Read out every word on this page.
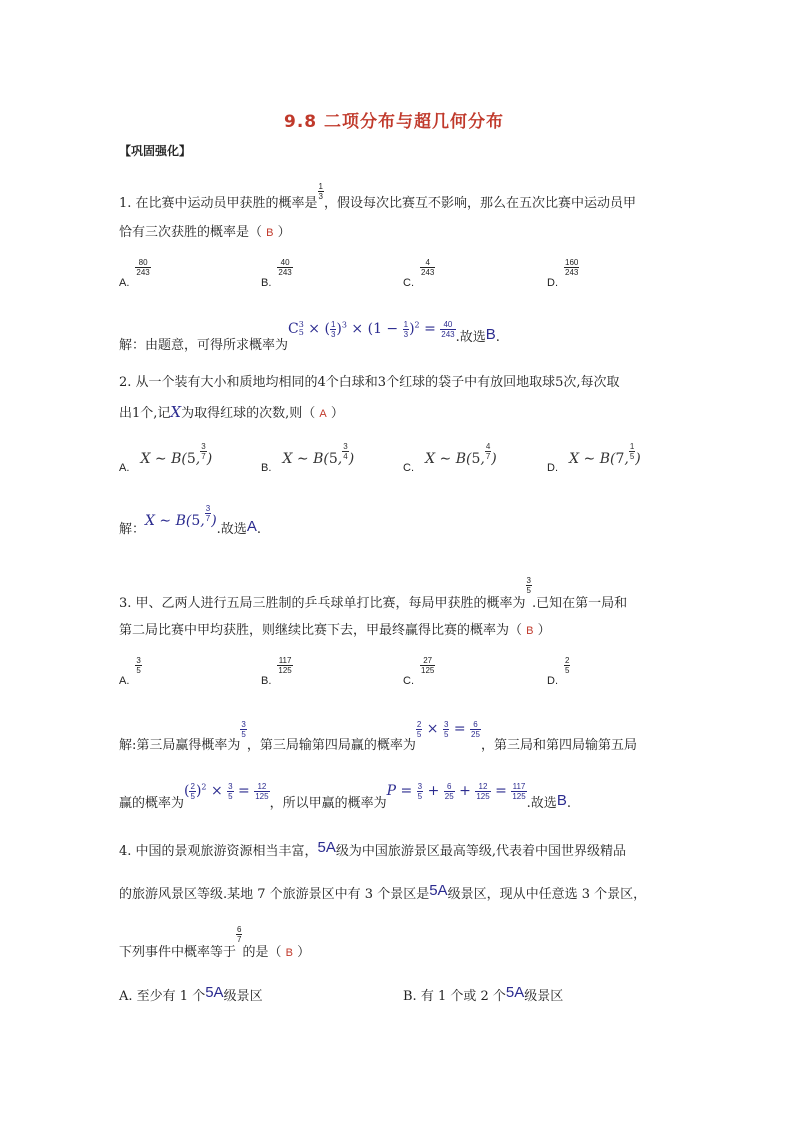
9.8 二项分布与超几何分布
【巩固强化】
1. 在比赛中运动员甲获胜的概率是
$\frac{1}{3}$
，假设每次比赛互不影响，那么在五次比赛中运动员甲
恰有三次获胜的概率是（ B ）
A.
$\frac{80}{243}$
B.
$\frac{40}{243}$
C.
$\frac{4}{243}$
D.
$\frac{160}{243}$
解：由题意，可得所求概率为C 3
5 × ( $\frac{1}{3} )^3 \times (1 - \frac{1}{3} )^2 = \frac{40}{243}$ .故选B.
2. 从一个装有大小和质地均相同的4个白球和3个红球的袋子中有放回地取球5次,每次取
出1个,记X为取得红球的次数,则（ A ）
$_{A.}$ X ∼ B(5, $\frac{3}{7}$ )
$_{B.}$ X ∼ B(5, $\frac{3}{4}$ )
$_{C.}$ X ∼ B(5, $\frac{4}{7}$ )
$_{D.}$ X ∼ B(7, $\frac{1}{5}$ )
解：X ∼ B(5, $\frac{3}{7}$ ).故选A.
3. 甲、乙两人进行五局三胜制的乒乓球单打比赛，每局甲获胜的概率为
$\frac{3}{5}$
.已知在第一局和
第二局比赛中甲均获胜，则继续比赛下去，甲最终赢得比赛的概率为（ B ）
A.
$\frac{3}{5}$
B.
$\frac{117}{125}$
C.
$\frac{27}{125}$
D.
$\frac{2}{5}$
解:第三局赢得概率为
$\frac{3}{5}$
，第三局输第四局赢的概率为
$\frac{2}{5} \times \frac{3}{5} = \frac{6}{25}$
，第三局和第四局输第五局
赢的概率为( $\frac{2}{5} )^2 \times \frac{3}{5} = \frac{12}{125}$
，所以甲赢的概率为$P = \frac{3}{5} + \frac{6}{25} + \frac{12}{125} = \frac{117}{125}$
.故选B.
4. 中国的景观旅游资源相当丰富，5A级为中国旅游景区最高等级,代表着中国世界级精品
的旅游风景区等级.某地 7 个旅游景区中有 3 个景区是5A级景区，现从中任意选 3 个景区，
下列事件中概率等于
$\frac{6}{7}$
的是（ $_B$ ）
A. 至少有 1 个5A级景区	B. 有 1 个或 2 个5A级景区
